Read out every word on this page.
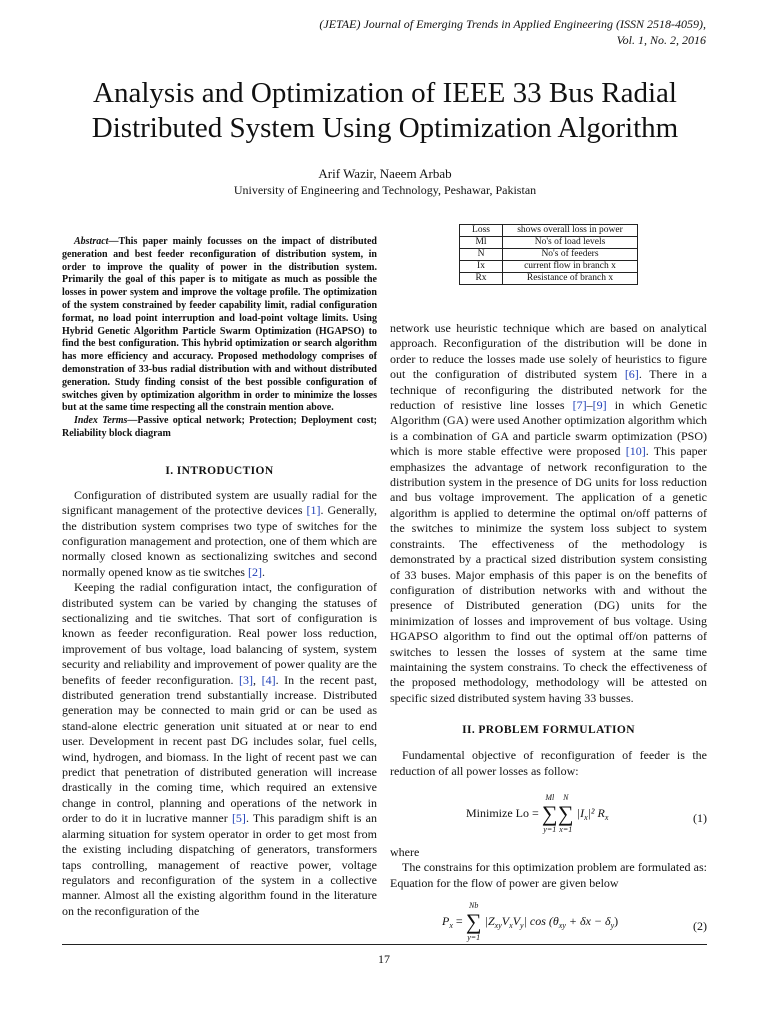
(JETAE) Journal of Emerging Trends in Applied Engineering (ISSN 2518-4059),
Vol. 1, No. 2, 2016
Analysis and Optimization of IEEE 33 Bus Radial Distributed System Using Optimization Algorithm
Arif Wazir, Naeem Arbab
University of Engineering and Technology, Peshawar, Pakistan

Abstract—This paper mainly focusses on the impact of distributed generation and best feeder reconfiguration of distribution system, in order to improve the quality of power in the distribution system. Primarily the goal of this paper is to mitigate as much as possible the losses in power system and improve the voltage profile. The optimization of the system constrained by feeder capability limit, radial configuration format, no load point interruption and load-point voltage limits. Using Hybrid Genetic Algorithm Particle Swarm Optimization (HGAPSO) to find the best configuration. This hybrid optimization or search algorithm has more efficiency and accuracy. Proposed methodology comprises of demonstration of 33-bus radial distribution with and without distributed generation. Study finding consist of the best possible configuration of switches given by optimization algorithm in order to minimize the losses but at the same time respecting all the constrain mention above.

Index Terms—Passive optical network; Protection; Deployment cost; Reliability block diagram

I. INTRODUCTION

Configuration of distributed system are usually radial for the significant management of the protective devices [1]. Generally, the distribution system comprises two type of switches for the configuration management and protection, one of them which are normally closed known as sectionalizing switches and second normally opened know as tie switches [2].

Keeping the radial configuration intact, the configuration of distributed system can be varied by changing the statuses of sectionalizing and tie switches. That sort of configuration is known as feeder reconfiguration. Real power loss reduction, improvement of bus voltage, load balancing of system, system security and reliability and improvement of power quality are the benefits of feeder reconfiguration. [3], [4]. In the recent past, distributed generation trend substantially increase. Distributed generation may be connected to main grid or can be used as stand-alone electric generation unit situated at or near to end user. Development in recent past DG includes solar, fuel cells, wind, hydrogen, and biomass. In the light of recent past we can predict that penetration of distributed generation will increase drastically in the coming time, which required an extensive change in control, planning and operations of the network in order to do it in lucrative manner [5]. This paradigm shift is an alarming situation for system operator in order to get most from the existing including dispatching of generators, transformers taps controlling, management of reactive power, voltage regulators and reconfiguration of the system in a collective manner. Almost all the existing algorithm found in the literature on the reconfiguration of the

Loss	shows overall loss in power
Ml	No's of load levels
N	No's of feeders
Ix	current flow in branch x
Rx	Resistance of branch x

network use heuristic technique which are based on analytical approach. Reconfiguration of the distribution will be done in order to reduce the losses made use solely of heuristics to figure out the configuration of distributed system [6]. There in a technique of reconfiguring the distributed network for the reduction of resistive line losses [7]–[9] in which Genetic Algorithm (GA) were used Another optimization algorithm which is a combination of GA and particle swarm optimization (PSO) which is more stable effective were proposed [10]. This paper emphasizes the advantage of network reconfiguration to the distribution system in the presence of DG units for loss reduction and bus voltage improvement. The application of a genetic algorithm is applied to determine the optimal on/off patterns of the switches to minimize the system loss subject to system constraints. The effectiveness of the methodology is demonstrated by a practical sized distribution system consisting of 33 buses. Major emphasis of this paper is on the benefits of configuration of distribution networks with and without the presence of Distributed generation (DG) units for the minimization of losses and improvement of bus voltage. Using HGAPSO algorithm to find out the optimal off/on patterns of switches to lessen the losses of system at the same time maintaining the system constrains. To check the effectiveness of the proposed methodology, methodology will be attested on specific sized distributed system having 33 busses.

II. PROBLEM FORMULATION

Fundamental objective of reconfiguration of feeder is the reduction of all power losses as follow:

Minimize Lo = ∑
Ml
y=1
∑
N
x=1
$|I_x|^2$ $R_x$	(1)

where

The constrains for this optimization problem are formulated as: Equation for the flow of power are given below

$P_x$ = ∑
Nb
y=1
$|Z_{xy}V_xV_y|$ $\cos (\theta_{xy} + \delta x - \delta_y)$	(2)
17
